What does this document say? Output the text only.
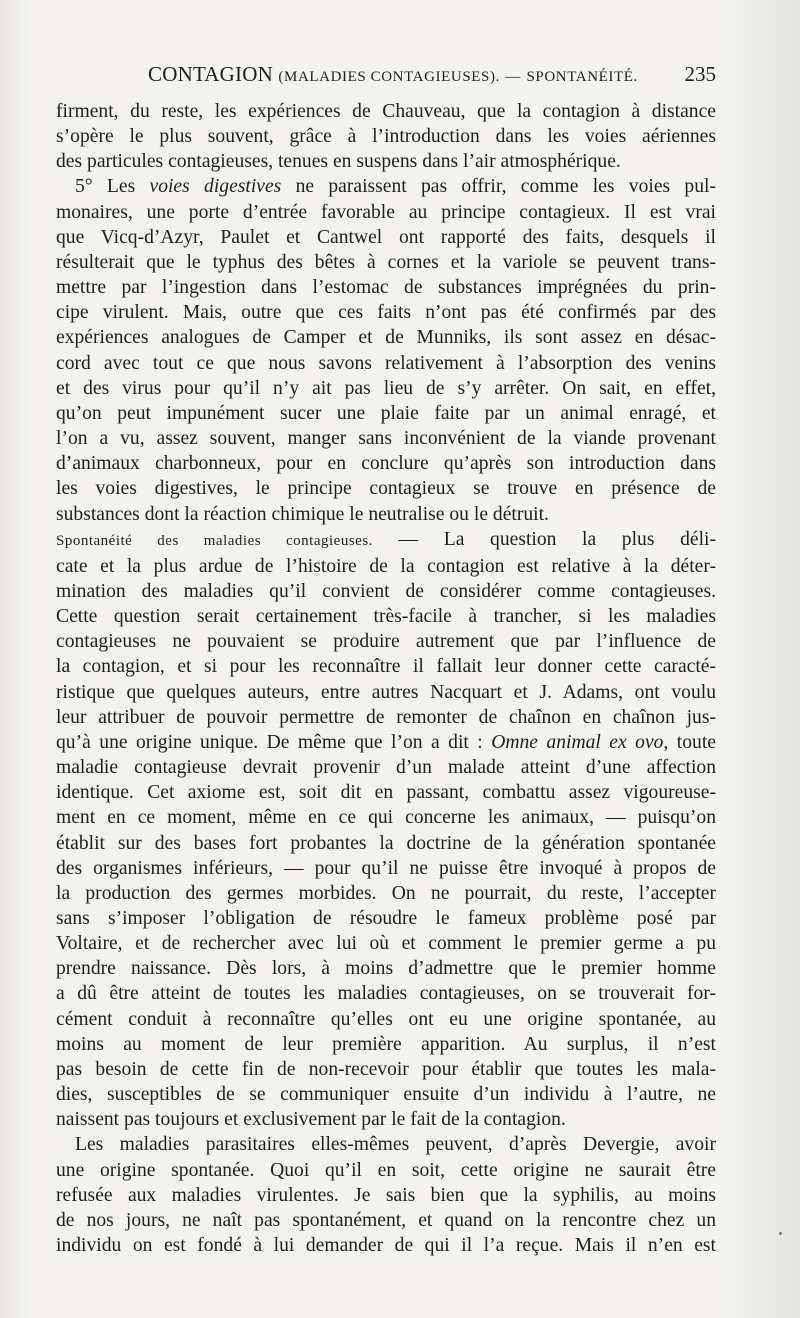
CONTAGION (MALADIES CONTAGIEUSES). — SPONTANÉITÉ. 235

firment, du reste, les expériences de Chauveau, que la contagion à distance

s’opère le plus souvent, grâce à l’introduction dans les voies aériennes

des particules contagieuses, tenues en suspens dans l’air atmosphérique.

5° Les voies digestives ne paraissent pas offrir, comme les voies pul-

monaires, une porte d’entrée favorable au principe contagieux. Il est vrai

que Vicq-d’Azyr, Paulet et Cantwel ont rapporté des faits, desquels il

résulterait que le typhus des bêtes à cornes et la variole se peuvent trans-

mettre par l’ingestion dans l’estomac de substances imprégnées du prin-

cipe virulent. Mais, outre que ces faits n’ont pas été confirmés par des

expériences analogues de Camper et de Munniks, ils sont assez en désac-

cord avec tout ce que nous savons relativement à l’absorption des venins

et des virus pour qu’il n’y ait pas lieu de s’y arrêter. On sait, en effet,

qu’on peut impunément sucer une plaie faite par un animal enragé, et

l’on a vu, assez souvent, manger sans inconvénient de la viande provenant

d’animaux charbonneux, pour en conclure qu’après son introduction dans

les voies digestives, le principe contagieux se trouve en présence de

substances dont la réaction chimique le neutralise ou le détruit.

Spontanéité des maladies contagieuses. — La question la plus déli-

cate et la plus ardue de l’histoire de la contagion est relative à la déter-

mination des maladies qu’il convient de considérer comme contagieuses.

Cette question serait certainement très-facile à trancher, si les maladies

contagieuses ne pouvaient se produire autrement que par l’influence de

la contagion, et si pour les reconnaître il fallait leur donner cette caracté-

ristique que quelques auteurs, entre autres Nacquart et J. Adams, ont voulu

leur attribuer de pouvoir permettre de remonter de chaînon en chaînon jus-

qu’à une origine unique. De même que l’on a dit : Omne animal ex ovo, toute

maladie contagieuse devrait provenir d’un malade atteint d’une affection

identique. Cet axiome est, soit dit en passant, combattu assez vigoureuse-

ment en ce moment, même en ce qui concerne les animaux, — puisqu’on

établit sur des bases fort probantes la doctrine de la génération spontanée

des organismes inférieurs, — pour qu’il ne puisse être invoqué à propos de

la production des germes morbides. On ne pourrait, du reste, l’accepter

sans s’imposer l’obligation de résoudre le fameux problème posé par

Voltaire, et de rechercher avec lui où et comment le premier germe a pu

prendre naissance. Dès lors, à moins d’admettre que le premier homme

a dû être atteint de toutes les maladies contagieuses, on se trouverait for-

cément conduit à reconnaître qu’elles ont eu une origine spontanée, au

moins au moment de leur première apparition. Au surplus, il n’est

pas besoin de cette fin de non-recevoir pour établir que toutes les mala-

dies, susceptibles de se communiquer ensuite d’un individu à l’autre, ne

naissent pas toujours et exclusivement par le fait de la contagion.

Les maladies parasitaires elles-mêmes peuvent, d’après Devergie, avoir

une origine spontanée. Quoi qu’il en soit, cette origine ne saurait être

refusée aux maladies virulentes. Je sais bien que la syphilis, au moins

de nos jours, ne naît pas spontanément, et quand on la rencontre chez un

individu on est fondé à lui demander de qui il l’a reçue. Mais il n’en est
